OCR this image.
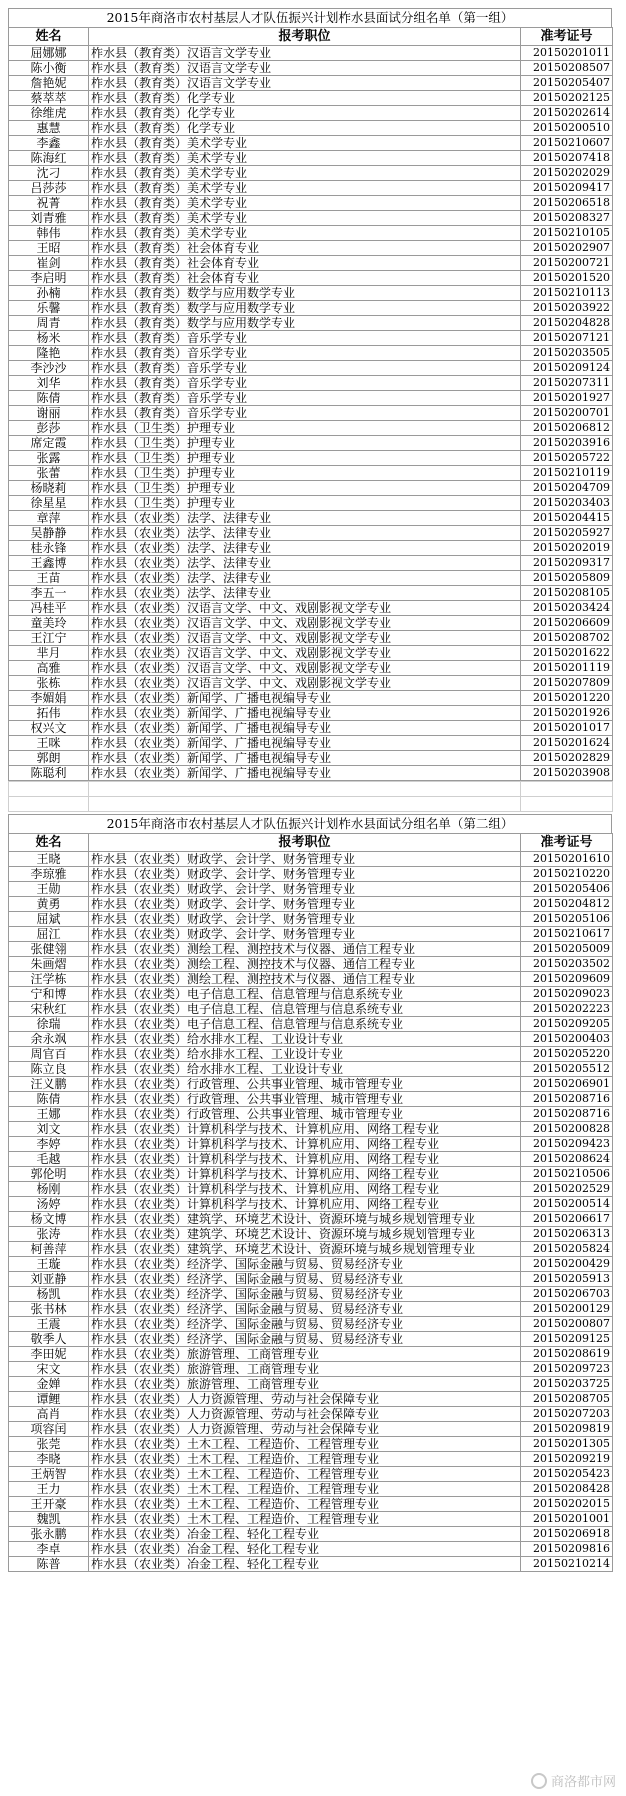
2015年商洛市农村基层人才队伍振兴计划柞水县面试分组名单（第一组）
姓名	报考职位	准考证号
屈娜娜	柞水县（教育类）汉语言文学专业	20150201011
陈小衡	柞水县（教育类）汉语言文学专业	20150208507
詹艳妮	柞水县（教育类）汉语言文学专业	20150205407
蔡萃萃	柞水县（教育类）化学专业	20150202125
徐维虎	柞水县（教育类）化学专业	20150202614
惠慧	柞水县（教育类）化学专业	20150200510
李鑫	柞水县（教育类）美术学专业	20150210607
陈海红	柞水县（教育类）美术学专业	20150207418
沈刁	柞水县（教育类）美术学专业	20150202029
吕莎莎	柞水县（教育类）美术学专业	20150209417
祝菁	柞水县（教育类）美术学专业	20150206518
刘青雅	柞水县（教育类）美术学专业	20150208327
韩伟	柞水县（教育类）美术学专业	20150210105
王昭	柞水县（教育类）社会体育专业	20150202907
崔剑	柞水县（教育类）社会体育专业	20150200721
李启明	柞水县（教育类）社会体育专业	20150201520
孙楠	柞水县（教育类）数学与应用数学专业	20150210113
乐馨	柞水县（教育类）数学与应用数学专业	20150203922
周青	柞水县（教育类）数学与应用数学专业	20150204828
杨米	柞水县（教育类）音乐学专业	20150207121
隆艳	柞水县（教育类）音乐学专业	20150203505
李沙沙	柞水县（教育类）音乐学专业	20150209124
刘华	柞水县（教育类）音乐学专业	20150207311
陈倩	柞水县（教育类）音乐学专业	20150201927
谢丽	柞水县（教育类）音乐学专业	20150200701
彭莎	柞水县（卫生类）护理专业	20150206812
席定霞	柞水县（卫生类）护理专业	20150203916
张露	柞水县（卫生类）护理专业	20150205722
张蕾	柞水县（卫生类）护理专业	20150210119
杨晓莉	柞水县（卫生类）护理专业	20150204709
徐星星	柞水县（卫生类）护理专业	20150203403
章萍	柞水县（农业类）法学、法律专业	20150204415
吴静静	柞水县（农业类）法学、法律专业	20150205927
桂永锋	柞水县（农业类）法学、法律专业	20150202019
王鑫博	柞水县（农业类）法学、法律专业	20150209317
王苗	柞水县（农业类）法学、法律专业	20150205809
李五一	柞水县（农业类）法学、法律专业	20150208105
冯桂平	柞水县（农业类）汉语言文学、中文、戏剧影视文学专业	20150203424
童美玲	柞水县（农业类）汉语言文学、中文、戏剧影视文学专业	20150206609
王江宁	柞水县（农业类）汉语言文学、中文、戏剧影视文学专业	20150208702
芈月	柞水县（农业类）汉语言文学、中文、戏剧影视文学专业	20150201622
高雅	柞水县（农业类）汉语言文学、中文、戏剧影视文学专业	20150201119
张栋	柞水县（农业类）汉语言文学、中文、戏剧影视文学专业	20150207809
李媚娟	柞水县（农业类）新闻学、广播电视编导专业	20150201220
拓伟	柞水县（农业类）新闻学、广播电视编导专业	20150201926
权兴文	柞水县（农业类）新闻学、广播电视编导专业	20150201017
王咪	柞水县（农业类）新闻学、广播电视编导专业	20150201624
郭朗	柞水县（农业类）新闻学、广播电视编导专业	20150202829
陈聪利	柞水县（农业类）新闻学、广播电视编导专业	20150203908

2015年商洛市农村基层人才队伍振兴计划柞水县面试分组名单（第二组）
姓名	报考职位	准考证号
王晓	柞水县（农业类）财政学、会计学、财务管理专业	20150201610
李琼雅	柞水县（农业类）财政学、会计学、财务管理专业	20150210220
王勋	柞水县（农业类）财政学、会计学、财务管理专业	20150205406
黄勇	柞水县（农业类）财政学、会计学、财务管理专业	20150204812
屈斌	柞水县（农业类）财政学、会计学、财务管理专业	20150205106
屈江	柞水县（农业类）财政学、会计学、财务管理专业	20150210617
张健翎	柞水县（农业类）测绘工程、测控技术与仪器、通信工程专业	20150205009
朱画熠	柞水县（农业类）测绘工程、测控技术与仪器、通信工程专业	20150203502
汪学栋	柞水县（农业类）测绘工程、测控技术与仪器、通信工程专业	20150209609
宁和博	柞水县（农业类）电子信息工程、信息管理与信息系统专业	20150209023
宋秋红	柞水县（农业类）电子信息工程、信息管理与信息系统专业	20150202223
徐瑞	柞水县（农业类）电子信息工程、信息管理与信息系统专业	20150209205
余永飒	柞水县（农业类）给水排水工程、工业设计专业	20150200403
周官百	柞水县（农业类）给水排水工程、工业设计专业	20150205220
陈立良	柞水县（农业类）给水排水工程、工业设计专业	20150205512
汪义鹏	柞水县（农业类）行政管理、公共事业管理、城市管理专业	20150206901
陈倩	柞水县（农业类）行政管理、公共事业管理、城市管理专业	20150208716
王娜	柞水县（农业类）行政管理、公共事业管理、城市管理专业	20150208716
刘文	柞水县（农业类）计算机科学与技术、计算机应用、网络工程专业	20150200828
李婷	柞水县（农业类）计算机科学与技术、计算机应用、网络工程专业	20150209423
毛越	柞水县（农业类）计算机科学与技术、计算机应用、网络工程专业	20150208624
郭伦明	柞水县（农业类）计算机科学与技术、计算机应用、网络工程专业	20150210506
杨刚	柞水县（农业类）计算机科学与技术、计算机应用、网络工程专业	20150202529
汤婷	柞水县（农业类）计算机科学与技术、计算机应用、网络工程专业	20150200514
杨文博	柞水县（农业类）建筑学、环境艺术设计、资源环境与城乡规划管理专业	20150206617
张涛	柞水县（农业类）建筑学、环境艺术设计、资源环境与城乡规划管理专业	20150206313
柯善萍	柞水县（农业类）建筑学、环境艺术设计、资源环境与城乡规划管理专业	20150205824
王璇	柞水县（农业类）经济学、国际金融与贸易、贸易经济专业	20150200429
刘亚静	柞水县（农业类）经济学、国际金融与贸易、贸易经济专业	20150205913
杨凯	柞水县（农业类）经济学、国际金融与贸易、贸易经济专业	20150206703
张书林	柞水县（农业类）经济学、国际金融与贸易、贸易经济专业	20150200129
王震	柞水县（农业类）经济学、国际金融与贸易、贸易经济专业	20150200807
敬季人	柞水县（农业类）经济学、国际金融与贸易、贸易经济专业	20150209125
李田妮	柞水县（农业类）旅游管理、工商管理专业	20150208619
宋文	柞水县（农业类）旅游管理、工商管理专业	20150209723
金婵	柞水县（农业类）旅游管理、工商管理专业	20150203725
谭鲤	柞水县（农业类）人力资源管理、劳动与社会保障专业	20150208705
高肖	柞水县（农业类）人力资源管理、劳动与社会保障专业	20150207203
项容闰	柞水县（农业类）人力资源管理、劳动与社会保障专业	20150209819
张莞	柞水县（农业类）土木工程、工程造价、工程管理专业	20150201305
李晓	柞水县（农业类）土木工程、工程造价、工程管理专业	20150209219
王炳智	柞水县（农业类）土木工程、工程造价、工程管理专业	20150205423
王力	柞水县（农业类）土木工程、工程造价、工程管理专业	20150208428
王开豪	柞水县（农业类）土木工程、工程造价、工程管理专业	20150202015
魏凯	柞水县（农业类）土木工程、工程造价、工程管理专业	20150201001
张永鹏	柞水县（农业类）冶金工程、轻化工程专业	20150206918
李卓	柞水县（农业类）冶金工程、轻化工程专业	20150209816
陈普	柞水县（农业类）冶金工程、轻化工程专业	20150210214
商洛都市网
